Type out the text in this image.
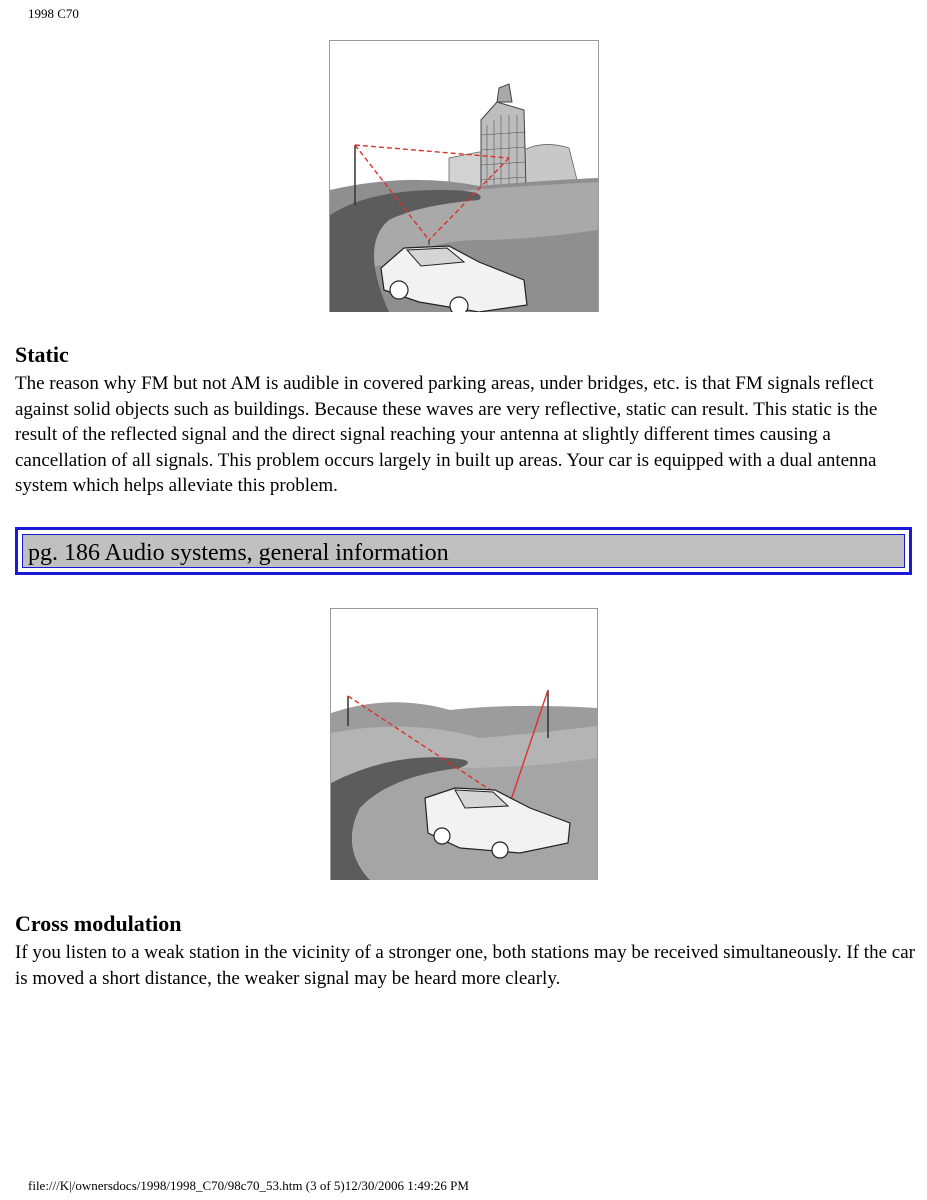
1998 C70
Static

The reason why FM but not AM is audible in covered parking areas, under bridges, etc. is that FM signals reflect against solid objects such as buildings. Because these waves are very reflective, static can result. This static is the result of the reflected signal and the direct signal reaching your antenna at slightly different times causing a cancellation of all signals. This problem occurs largely in built up areas. Your car is equipped with a dual antenna system which helps alleviate this problem.

pg. 186 Audio systems, general information
Cross modulation

If you listen to a weak station in the vicinity of a stronger one, both stations may be received simultaneously. If the car is moved a short distance, the weaker signal may be heard more clearly.

file:///K|/ownersdocs/1998/1998_C70/98c70_53.htm (3 of 5)12/30/2006 1:49:26 PM
